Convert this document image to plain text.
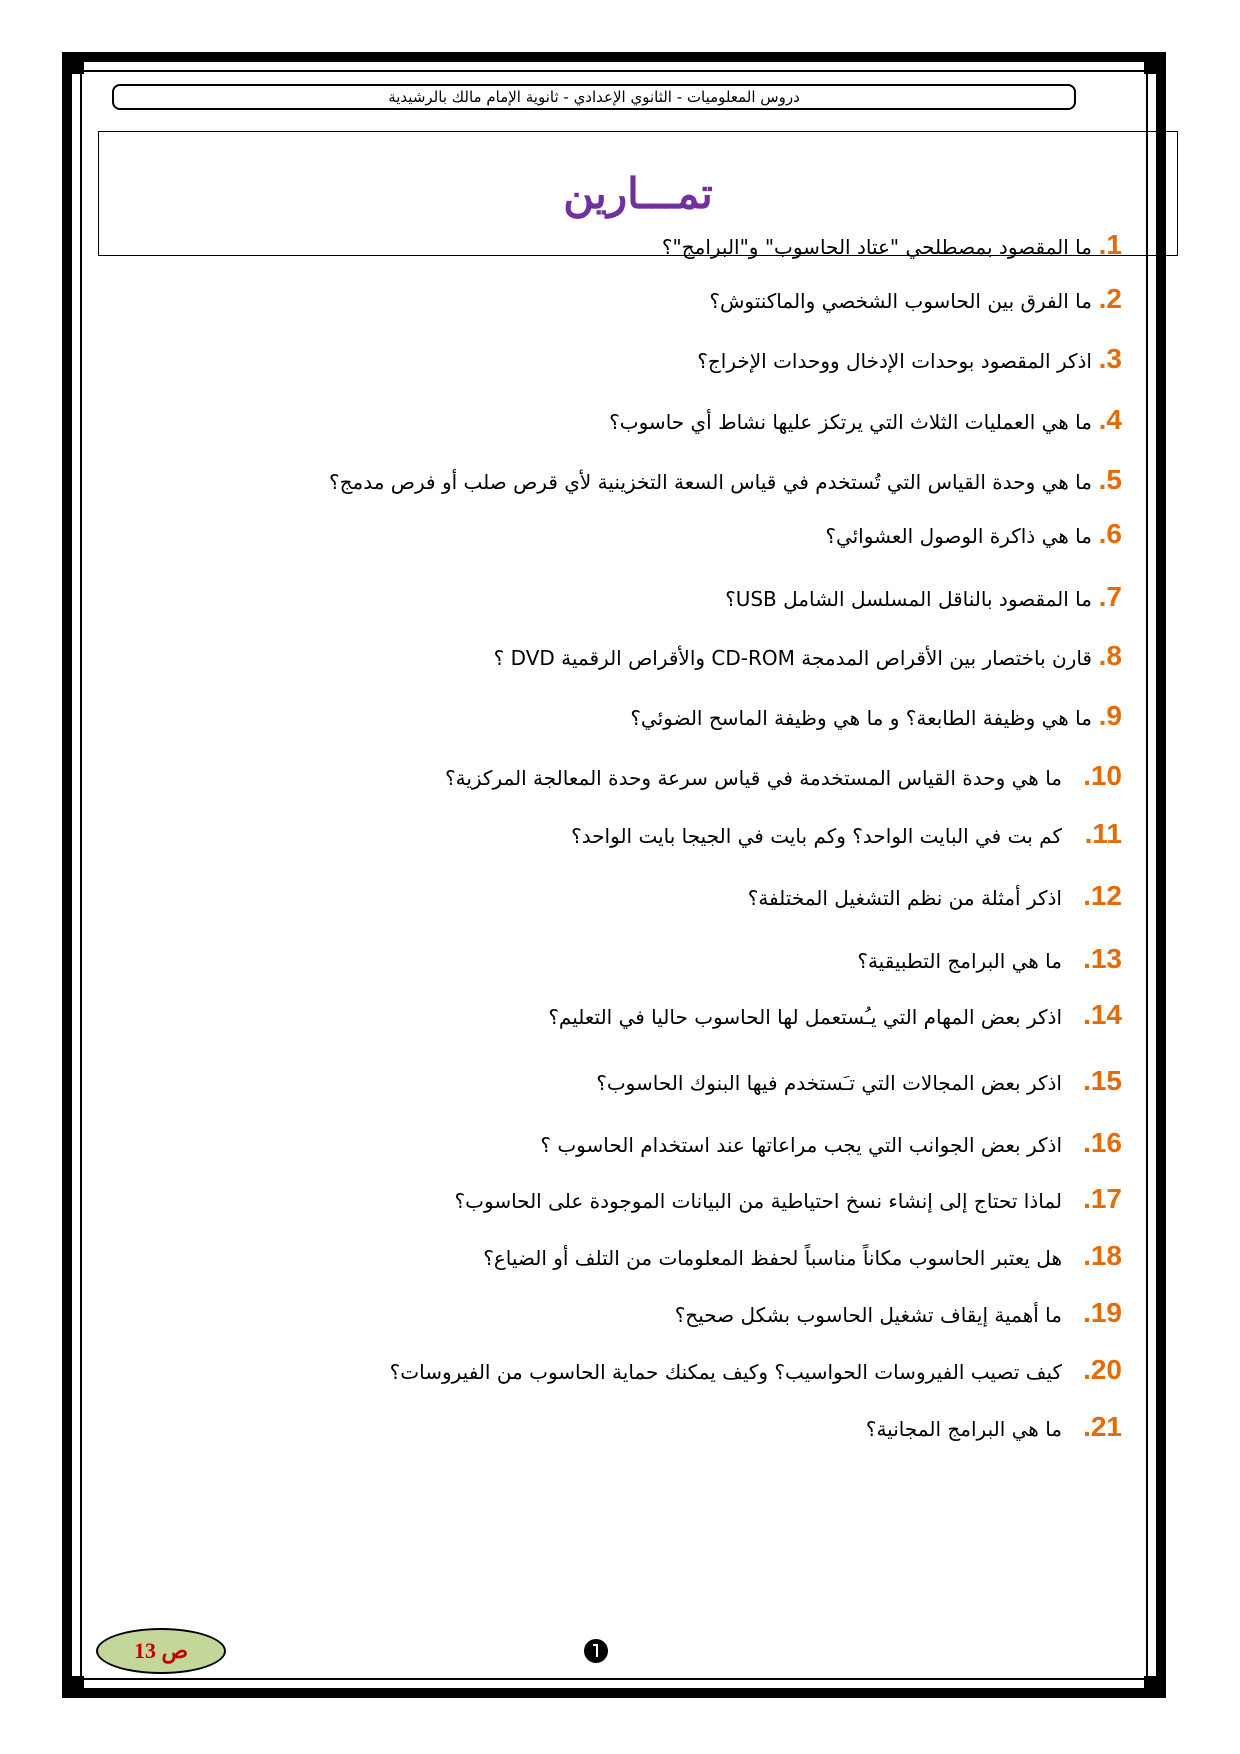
دروس المعلوميات - الثانوي الإعدادي - ثانوية الإمام مالك بالرشيدية
تمـــارين
1.ما المقصود بمصطلحي "عتاد الحاسوب" و"البرامج"؟
2.ما الفرق بين الحاسوب الشخصي والماكنتوش؟
3.اذكر المقصود بوحدات الإدخال ووحدات الإخراج؟
4.ما هي العمليات الثلاث التي يرتكز عليها نشاط أي حاسوب؟
5.ما هي وحدة القياس التي تُستخدم في قياس السعة التخزينية لأي قرص صلب أو فرص مدمج؟
6.ما هي ذاكرة الوصول العشوائي؟
7.ما المقصود بالناقل المسلسل الشامل USB؟
8.قارن باختصار بين الأقراص المدمجة CD-ROM والأقراص الرقمية DVD ؟
9.ما هي وظيفة الطابعة؟ و ما هي وظيفة الماسح الضوئي؟
10.ما هي وحدة القياس المستخدمة في قياس سرعة وحدة المعالجة المركزية؟
11.كم بت في البايت الواحد؟ وكم بايت في الجيجا بايت الواحد؟
12.اذكر أمثلة من نظم التشغيل المختلفة؟
13.ما هي البرامج التطبيقية؟
14.اذكر بعض المهام التي يـُستعمل لها الحاسوب حاليا في التعليم؟
15.اذكر بعض المجالات التي تـَستخدم فيها البنوك الحاسوب؟
16.اذكر بعض الجوانب التي يجب مراعاتها عند استخدام الحاسوب ؟
17.لماذا تحتاج إلى إنشاء نسخ احتياطية من البيانات الموجودة على الحاسوب؟
18.هل يعتبر الحاسوب مكاناً مناسباً لحفظ المعلومات من التلف أو الضياع؟
19.ما أهمية إيقاف تشغيل الحاسوب بشكل صحيح؟
20.كيف تصيب الفيروسات الحواسيب؟ وكيف يمكنك حماية الحاسوب من الفيروسات؟
21.ما هي البرامج المجانية؟
ص 13
